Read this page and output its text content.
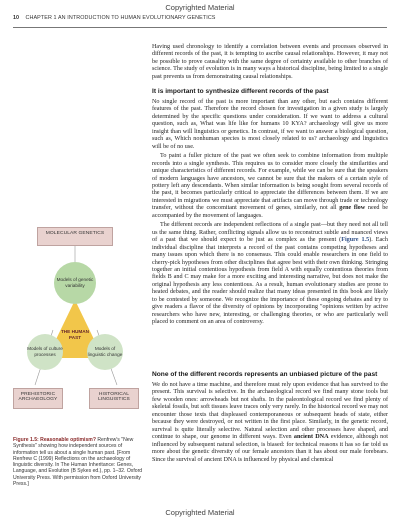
Copyrighted Material
10 CHAPTER 1 AN INTRODUCTION TO HUMAN EVOLUTIONARY GENETICS

Having used chronology to identify a correlation between events and processes observed in different records of the past, it is tempting to ascribe causal relationships. However, it may not be possible to prove causality with the same degree of certainty available to other branches of science. The study of evolution is in many ways a historical discipline, being limited to a single past prevents us from demonstrating causal relationships.

It is important to synthesize different records of the past

No single record of the past is more important than any other, but each contains different features of the past. Therefore the record chosen for investigation in a given study is largely determined by the specific questions under consideration. If we want to address a cultural question, such as, What was life like for humans 10 KYA? archaeology will give us more insight than will linguistics or genetics. In contrast, if we want to answer a biological question, such as, Which nonhuman species is most closely related to us? archaeology and linguistics will be of no use.

To paint a fuller picture of the past we often seek to combine information from multiple records into a single synthesis. This requires us to consider more closely the similarities and unique characteristics of different records. For example, while we can be sure that the speakers of modern languages have ancestors, we cannot be sure that the makers of a certain style of pottery left any descendants. When similar information is being sought from several records of the past, it becomes particularly critical to appreciate the differences between them. If we are interested in migrations we must appreciate that artifacts can move through trade or technology transfer, without the concomitant movement of genes, similarly, not all gene flow need be accompanied by the movement of languages.

The different records are independent reflections of a single past—but they need not all tell us the same thing. Rather, conflicting signals allow us to reconstruct subtle and nuanced views of a past that we should expect to be just as complex as the present (Figure 1.5). Each individual discipline that interprets a record of the past contains competing hypotheses and many issues upon which there is no consensus. This could enable researchers in one field to cherry-pick hypotheses from other disciplines that agree best with their own thinking. Stringing together an initial contentious hypothesis from field A with equally contentious theories from fields B and C may make for a more exciting and interesting narrative, but does not make the original hypothesis any less contentious. As a result, human evolutionary studies are prone to heated debates, and the reader should realize that many ideas presented in this book are likely to be contested by someone. We recognize the importance of these ongoing debates and try to give readers a flavor of the diversity of opinions by incorporating "opinions written by active researchers who have new, interesting, or challenging theories, or who are particularly well placed to comment on an area of controversy.

None of the different records represents an unbiased picture of the past

We do not have a time machine, and therefore must rely upon evidence that has survived to the present. This survival is selective. In the archaeological record we find many stone tools but few wooden ones: arrowheads but not shafts. In the paleontological record we find plenty of skeletal fossils, but soft tissues leave traces only very rarely. In the historical record we may not encounter those texts that displeased contemporaneous or subsequent heads of state, either because they were destroyed, or not written in the first place. Similarly, in the genetic record, survival is quite literally selective. Natural selection and other processes have shaped, and continue to shape, our genome in different ways. Even ancient DNA evidence, although not influenced by subsequent natural selection, is biased: for technical reasons it has so far told us more about the genetic diversity of our female ancestors than it has about our male forebears. Since the survival of ancient DNA is influenced by physical and chemical

MOLECULAR GENETICS
Models of genetic variability
Models of culture processes
Models of linguistic change
THE HUMAN PAST
PREHISTORIC ARCHAEOLOGY
HISTORICAL LINGUISTICS
Figure 1.5: Reasonable optimism? Renfrew's "New Synthesis" showing how independent sources of information tell us about a single human past. [From Renfrew C (1999) Reflections on the archaeology of linguistic diversity. In The Human Inheritance: Genes, Language, and Evolution (B Sykes ed.), pp. 1–32. Oxford University Press. With permission from Oxford University Press.]
Copyrighted Material
